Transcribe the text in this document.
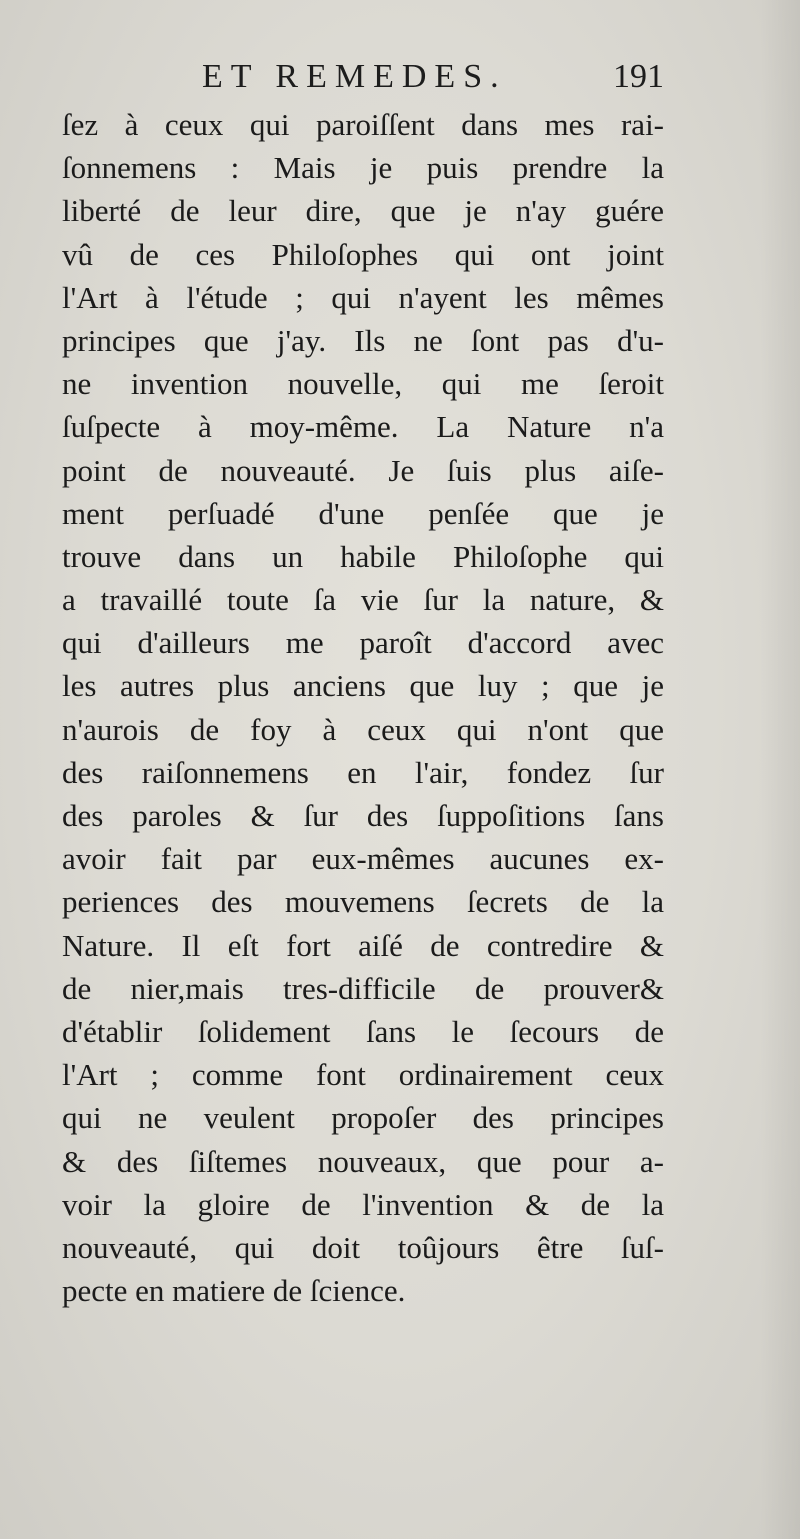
ET REMEDES.	191
ſez à ceux qui paroiſſent dans mes rai-
ſonnemens : Mais je puis prendre la
liberté de leur dire, que je n'ay guére
vû de ces Philoſophes qui ont joint
l'Art à l'étude ; qui n'ayent les mêmes
principes que j'ay. Ils ne ſont pas d'u-
ne invention nouvelle, qui me ſeroit
ſuſpecte à moy-même. La Nature n'a
point de nouveauté. Je ſuis plus aiſe-
ment perſuadé d'une penſée que je
trouve dans un habile Philoſophe qui
a travaillé toute ſa vie ſur la nature, &
qui d'ailleurs me paroît d'accord avec
les autres plus anciens que luy ; que je
n'aurois de foy à ceux qui n'ont que
des raiſonnemens en l'air, fondez ſur
des paroles & ſur des ſuppoſitions ſans
avoir fait par eux-mêmes aucunes ex-
periences des mouvemens ſecrets de la
Nature. Il eſt fort aiſé de contredire &
de nier,mais tres-difficile de prouver&
d'établir ſolidement ſans le ſecours de
l'Art ; comme font ordinairement ceux
qui ne veulent propoſer des principes
& des ſiſtemes nouveaux, que pour a-
voir la gloire de l'invention & de la
nouveauté, qui doit toûjours être ſuſ-
pecte en matiere de ſcience.
